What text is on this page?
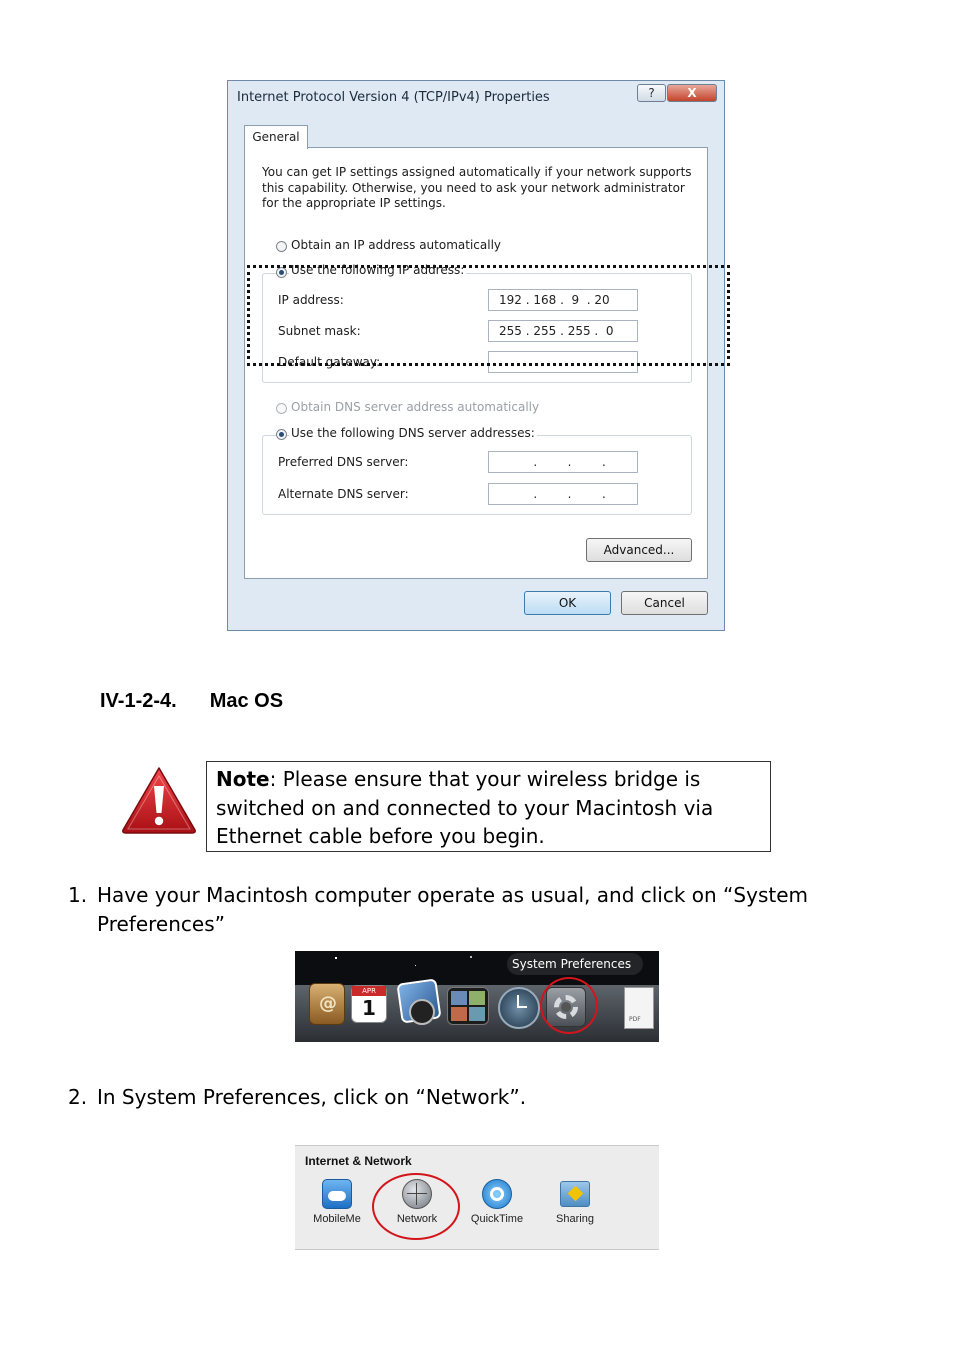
Internet Protocol Version 4 (TCP/IPv4) Properties	?	X
General
You can get IP settings assigned automatically if your network supports this capability. Otherwise, you need to ask your network administrator for the appropriate IP settings.
Obtain an IP address automatically
Use the following IP address:
IP address:	192 . 168 .  9  . 20
Subnet mask:	255 . 255 . 255 .  0
Default gateway:
Obtain DNS server address automatically
Use the following DNS server addresses:
Preferred DNS server:	.        .        .
Alternate DNS server:	.        .        .
Advanced...
OK	Cancel
IV-1-2-4. Mac OS
Note: Please ensure that your wireless bridge is switched on and connected to your Macintosh via Ethernet cable before you begin.
1. Have your Macintosh computer operate as usual, and click on “System Preferences”
System Preferences
@
APR
1	PDF
2. In System Preferences, click on “Network”.
Internet & Network
MobileMe	Network	QuickTime	Sharing
